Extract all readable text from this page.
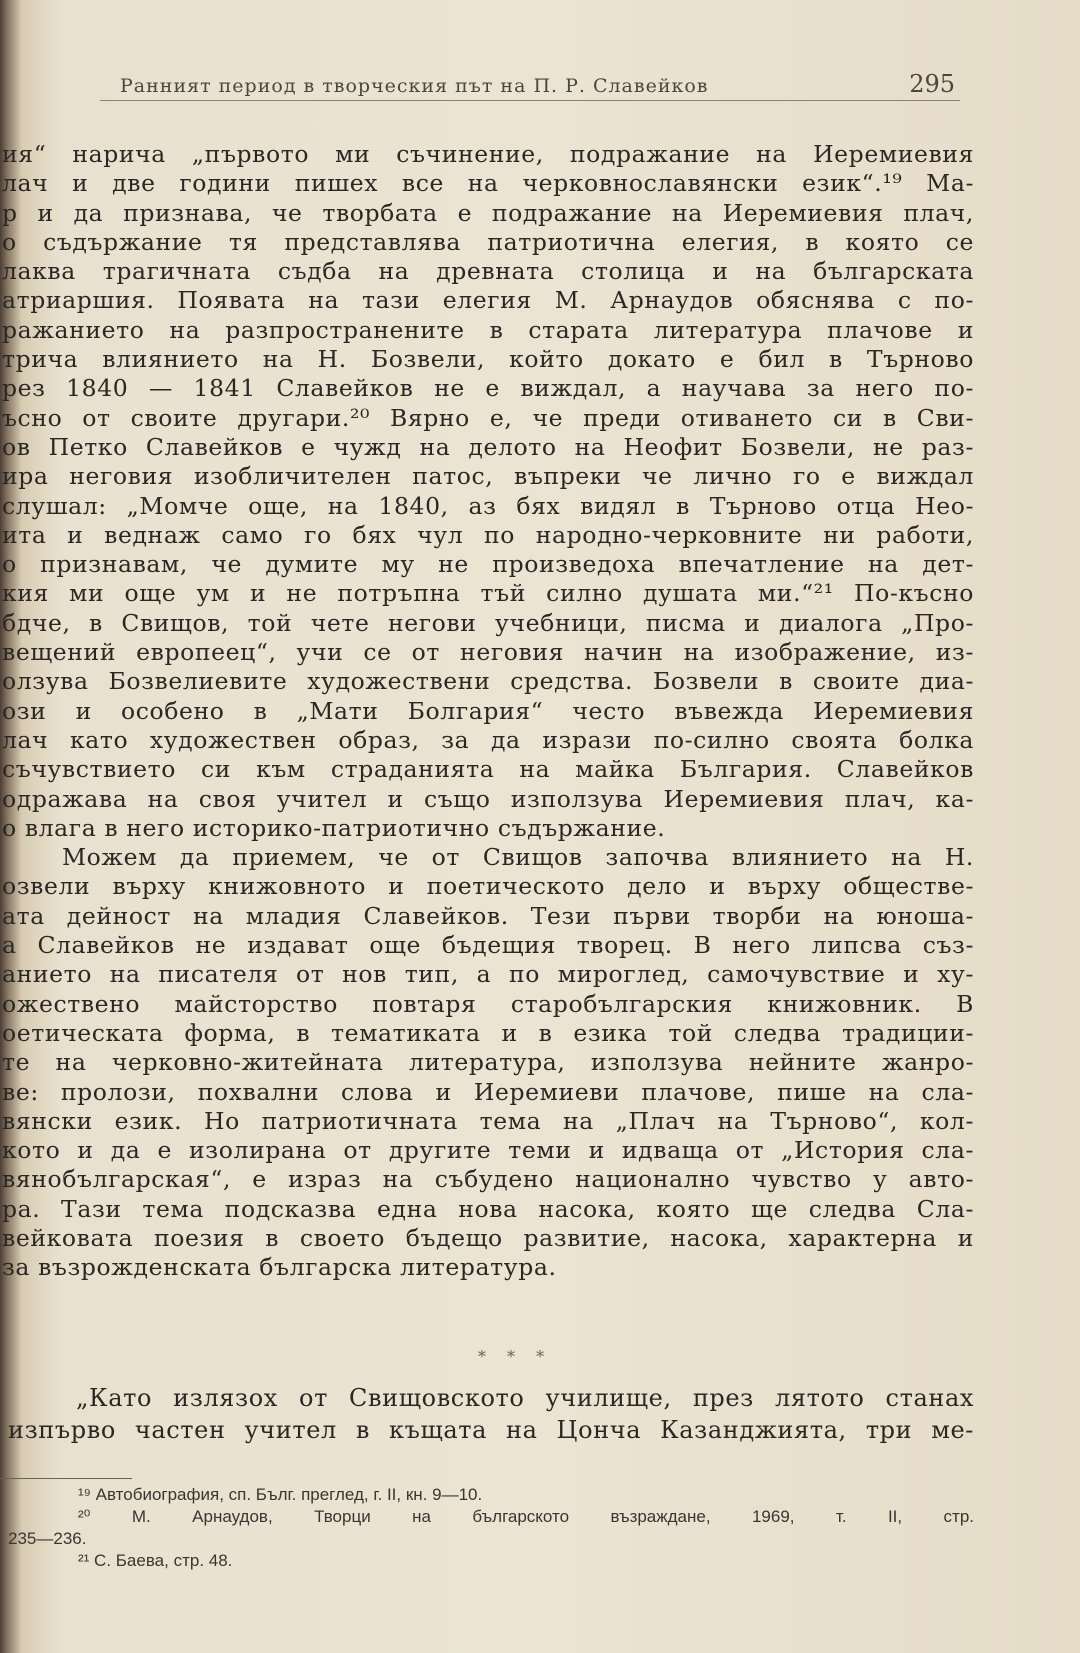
Ранният период в творческия път на П. Р. Славейков	295
ия“ нарича „първото ми съчинение, подражание на Иеремиевия
лач и две години пишех все на черковнославянски език“.¹⁹ Ма-
р и да признава, че творбата е подражание на Иеремиевия плач,
о съдържание тя представлява патриотична елегия, в която се
лаква трагичната съдба на древната столица и на българската
атриаршия. Появата на тази елегия М. Арнаудов обяснява с по-
ражанието на разпространените в старата литература плачове и
трича влиянието на Н. Бозвели, който докато е бил в Търново
рез 1840 — 1841 Славейков не е виждал, а научава за него по-
ъсно от своите другари.²⁰ Вярно е, че преди отиването си в Сви-
ов Петко Славейков е чужд на делото на Неофит Бозвели, не раз-
ира неговия изобличителен патос, въпреки че лично го е виждал
слушал: „Момче още, на 1840, аз бях видял в Търново отца Нео-
ита и веднаж само го бях чул по народно-черковните ни работи,
о признавам, че думите му не произведоха впечатление на дет-
кия ми още ум и не потръпна тъй силно душата ми.“²¹ По-късно
бдче, в Свищов, той чете негови учебници, писма и диалога „Про-
вещений европеец“, учи се от неговия начин на изображение, из-
олзува Бозвелиевите художествени средства. Бозвели в своите диа-
ози и особено в „Мати Болгария“ често въвежда Иеремиевия
лач като художествен образ, за да изрази по-силно своята болка
съчувствието си към страданията на майка България. Славейков
одражава на своя учител и също използува Иеремиевия плач, ка-
о влага в него историко-патриотично съдържание.
Можем да приемем, че от Свищов започва влиянието на Н.
озвели върху книжовното и поетическото дело и върху обществе-
ата дейност на младия Славейков. Тези първи творби на юноша-
а Славейков не издават още бъдещия творец. В него липсва съз-
анието на писателя от нов тип, а по мироглед, самочувствие и ху-
ожествено майсторство повтаря старобългарския книжовник. В
оетическата форма, в тематиката и в езика той следва традиции-
те на черковно-житейната литература, използува нейните жанро-
ве: пролози, похвални слова и Иеремиеви плачове, пише на сла-
вянски език. Но патриотичната тема на „Плач на Търново“, кол-
кото и да е изолирана от другите теми и идваща от „История сла-
вянобългарская“, е израз на събудено национално чувство у авто-
ра. Тази тема подсказва една нова насока, която ще следва Сла-
вейковата поезия в своето бъдещо развитие, насока, характерна и
за възрожденската българска литература.
* * *
„Като излязох от Свищовското училище, през лятото станах
изпърво частен учител в къщата на Цонча Казанджията, три ме-
¹⁹ Автобиография, сп. Бълг. преглед, г. II, кн. 9—10.
²⁰ М. Арнаудов, Творци на българското възраждане, 1969, т. II, стр.
235—236.
²¹ С. Баева, стр. 48.
